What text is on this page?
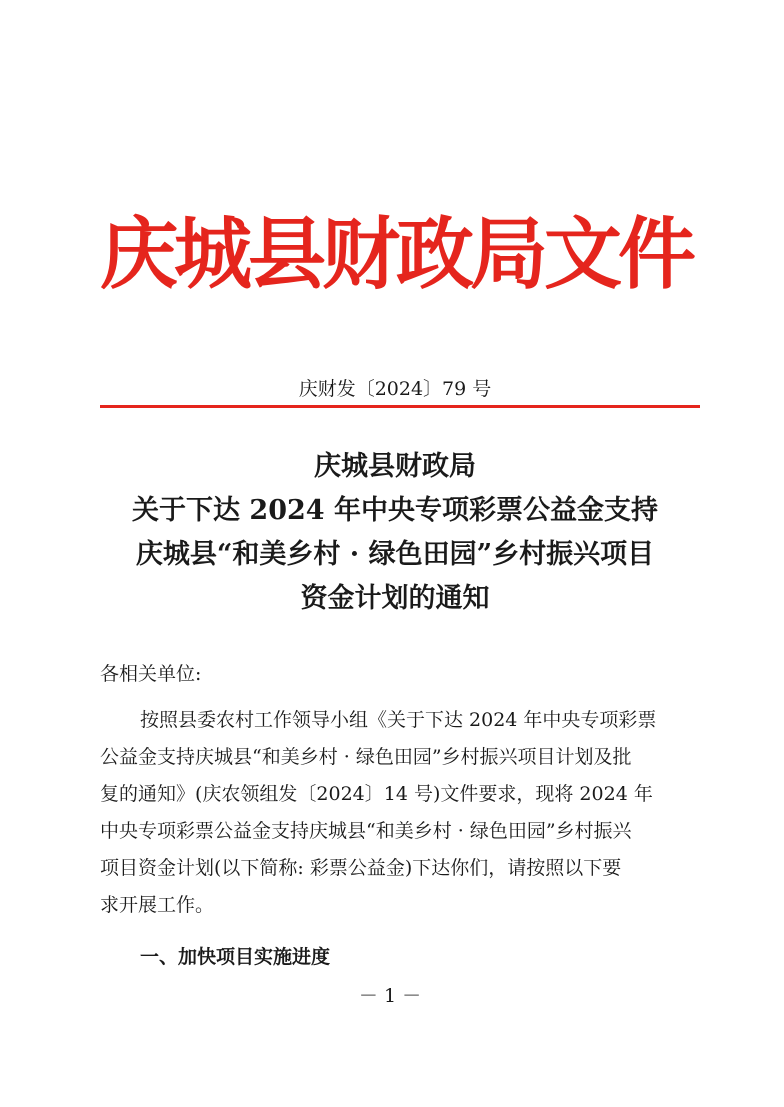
庆城县财政局文件
庆财发〔2024〕79 号
庆城县财政局
关于下达 2024 年中央专项彩票公益金支持
庆城县“和美乡村 · 绿色田园”乡村振兴项目
资金计划的通知
各相关单位:
按照县委农村工作领导小组《关于下达 2024 年中央专项彩票
公益金支持庆城县“和美乡村 · 绿色田园”乡村振兴项目计划及批
复的通知》(庆农领组发〔2024〕14 号)文件要求，现将 2024 年
中央专项彩票公益金支持庆城县“和美乡村 · 绿色田园”乡村振兴
项目资金计划(以下简称: 彩票公益金)下达你们，请按照以下要
求开展工作。
一、加快项目实施进度
－ 1 －
